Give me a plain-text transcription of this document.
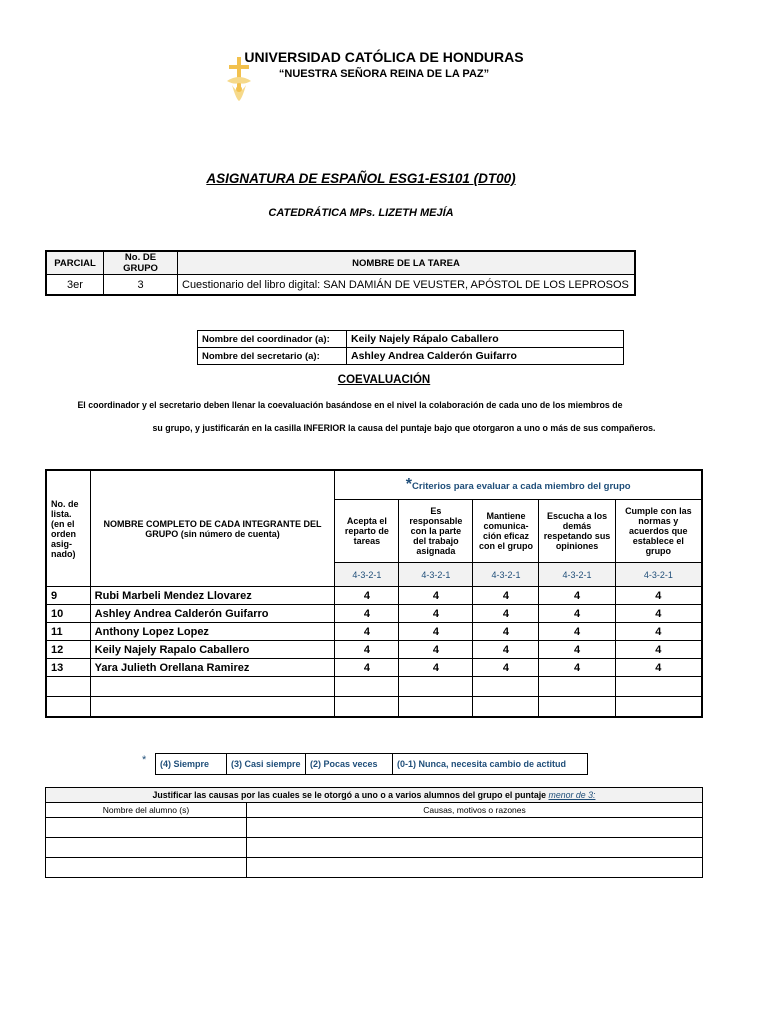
UNIVERSIDAD CATÓLICA DE HONDURAS
“NUESTRA SEÑORA REINA DE LA PAZ”
ASIGNATURA DE ESPAÑOL ESG1-ES101 (DT00)
CATEDRÁTICA MPs. LIZETH MEJÍA
PARCIAL	No. DE GRUPO	NOMBRE DE LA TAREA
3er	3	Cuestionario del libro digital: SAN DAMIÁN DE VEUSTER, APÓSTOL DE LOS LEPROSOS
Nombre del coordinador (a):	Keily Najely Rápalo Caballero
Nombre del secretario (a):	Ashley Andrea Calderón Guifarro
COEVALUACIÓN
El coordinador y el secretario deben llenar la coevaluación basándose en el nivel la colaboración de cada uno de los miembros de
su grupo, y justificarán en la casilla INFERIOR la causa del puntaje bajo que otorgaron a uno o más de sus compañeros.
No. de lista. (en el orden asig-nado)	NOMBRE COMPLETO DE CADA INTEGRANTE DEL GRUPO (sin número de cuenta)	*Criterios para evaluar a cada miembro del grupo				
		Acepta el reparto de tareas	Es responsable con la parte del trabajo asignada	Mantiene comunica-ción eficaz con el grupo	Escucha a los demás respetando sus opiniones	Cumple con las normas y acuerdos que establece el grupo
		4-3-2-1	4-3-2-1	4-3-2-1	4-3-2-1	4-3-2-1
9	Rubi Marbeli Mendez Llovarez	4	4	4	4	4
10	Ashley Andrea Calderón Guifarro	4	4	4	4	4
11	Anthony Lopez Lopez	4	4	4	4	4
12	Keily Najely Rapalo Caballero	4	4	4	4	4
13	Yara Julieth Orellana Ramirez	4	4	4	4	4

* (4) Siempre	(3) Casi siempre	(2) Pocas veces	(0-1) Nunca, necesita cambio de actitud
Justificar las causas por las cuales se le otorgó a uno o a varios alumnos del grupo el puntaje menor de 3:	
Nombre del alumno (s)	Causas, motivos o razones
